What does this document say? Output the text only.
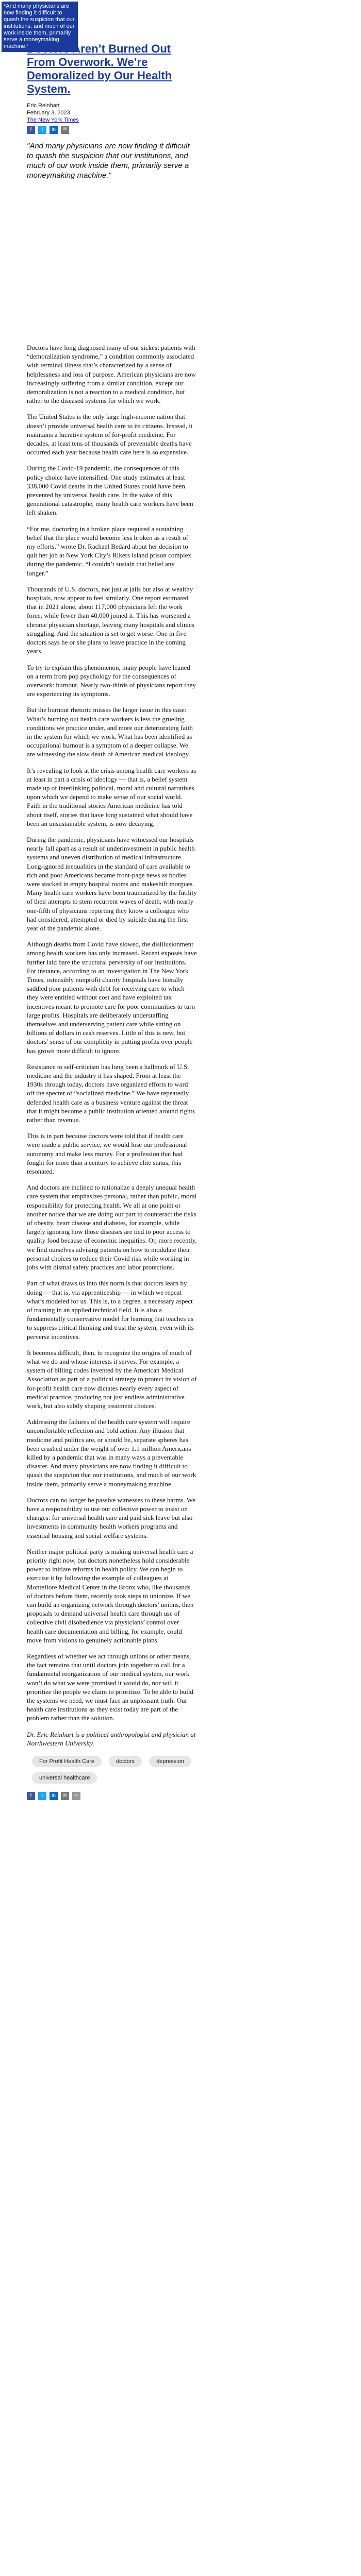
*And many physicians are now finding it difficult to quash the suspicion that our institutions, and much of our work inside them, primarily serve a moneymaking machine.*
Doctors Aren’t Burned Out From Overwork. We’re Demoralized by Our Health System.
Eric Reinhart
February 3, 2023
The New York Times
f	t	in	✉
"And many physicians are now finding it difficult to quash the suspicion that our institutions, and much of our work inside them, primarily serve a moneymaking machine."

Doctors have long diagnosed many of our sickest patients with “demoralization syndrome,” a condition commonly associated with terminal illness that’s characterized by a sense of helplessness and loss of purpose. American physicians are now increasingly suffering from a similar condition, except our demoralization is not a reaction to a medical condition, but rather to the diseased systems for which we work.

The United States is the only large high-income nation that doesn’t provide universal health care to its citizens. Instead, it maintains a lucrative system of for-profit medicine. For decades, at least tens of thousands of preventable deaths have occurred each year because health care here is so expensive.

During the Covid-19 pandemic, the consequences of this policy choice have intensified. One study estimates at least 338,000 Covid deaths in the United States could have been prevented by universal health care. In the wake of this generational catastrophe, many health care workers have been left shaken.

“For me, doctoring in a broken place required a sustaining belief that the place would become less broken as a result of my efforts,” wrote Dr. Rachael Bedard about her decision to quit her job at New York City’s Rikers Island prison complex during the pandemic. “I couldn’t sustain that belief any longer.”

Thousands of U.S. doctors, not just at jails but also at wealthy hospitals, now appear to feel similarly. One report estimated that in 2021 alone, about 117,000 physicians left the work force, while fewer than 40,000 joined it. This has worsened a chronic physician shortage, leaving many hospitals and clinics struggling. And the situation is set to get worse. One in five doctors says he or she plans to leave practice in the coming years.

To try to explain this phenomenon, many people have leaned on a term from pop psychology for the consequences of overwork: burnout. Nearly two-thirds of physicians report they are experiencing its symptoms.

But the burnout rhetoric misses the larger issue in this case: What’s burning out health care workers is less the grueling conditions we practice under, and more our deteriorating faith in the system for which we work. What has been identified as occupational burnout is a symptom of a deeper collapse. We are witnessing the slow death of American medical ideology.

It’s revealing to look at the crisis among health care workers as at least in part a crisis of ideology — that is, a belief system made up of interlinking political, moral and cultural narratives upon which we depend to make sense of our social world. Faith in the traditional stories American medicine has told about itself, stories that have long sustained what should have been an unsustainable system, is now decaying.

During the pandemic, physicians have witnessed our hospitals nearly fall apart as a result of underinvestment in public health systems and uneven distribution of medical infrastructure. Long-ignored inequalities in the standard of care available to rich and poor Americans became front-page news as bodies were stacked in empty hospital rooms and makeshift morgues. Many health care workers have been traumatized by the futility of their attempts to stem recurrent waves of death, with nearly one-fifth of physicians reporting they know a colleague who had considered, attempted or died by suicide during the first year of the pandemic alone.

Although deaths from Covid have slowed, the disillusionment among health workers has only increased. Recent exposés have further laid bare the structural perversity of our institutions. For instance, according to an investigation in The New York Times, ostensibly nonprofit charity hospitals have literally saddled poor patients with debt for receiving care to which they were entitled without cost and have exploited tax incentives meant to promote care for poor communities to turn large profits. Hospitals are deliberately understaffing themselves and underserving patient care while sitting on billions of dollars in cash reserves. Little of this is new, but doctors’ sense of our complicity in putting profits over people has grown more difficult to ignore.

Resistance to self-criticism has long been a hallmark of U.S. medicine and the industry it has shaped. From at least the 1930s through today, doctors have organized efforts to ward off the specter of “socialized medicine.” We have repeatedly defended health care as a business venture against the threat that it might become a public institution oriented around rights rather than revenue.

This is in part because doctors were told that if health care were made a public service, we would lose our professional autonomy and make less money. For a profession that had fought for more than a century to achieve elite status, this resonated.

And doctors are inclined to rationalize a deeply unequal health care system that emphasizes personal, rather than public, moral responsibility for protecting health. We all at one point or another notice that we are doing our part to counteract the risks of obesity, heart disease and diabetes, for example, while largely ignoring how those diseases are tied to poor access to quality food because of economic inequities. Or, more recently, we find ourselves advising patients on how to modulate their personal choices to reduce their Covid risk while working in jobs with dismal safety practices and labor protections.

Part of what draws us into this norm is that doctors learn by doing — that is, via apprenticeship — in which we repeat what’s modeled for us. This is, to a degree, a necessary aspect of training in an applied technical field. It is also a fundamentally conservative model for learning that teaches us to suppress critical thinking and trust the system, even with its perverse incentives.

It becomes difficult, then, to recognize the origins of much of what we do and whose interests it serves. For example, a system of billing codes invented by the American Medical Association as part of a political strategy to protect its vision of for-profit health care now dictates nearly every aspect of medical practice, producing not just endless administrative work, but also subtly shaping treatment choices.

Addressing the failures of the health care system will require uncomfortable reflection and bold action. Any illusion that medicine and politics are, or should be, separate spheres has been crushed under the weight of over 1.1 million Americans killed by a pandemic that was in many ways a preventable disaster. And many physicians are now finding it difficult to quash the suspicion that our institutions, and much of our work inside them, primarily serve a moneymaking machine.

Doctors can no longer be passive witnesses to these harms. We have a responsibility to use our collective power to insist on changes: for universal health care and paid sick leave but also investments in community health workers programs and essential housing and social welfare systems.

Neither major political party is making universal health care a priority right now, but doctors nonetheless hold considerable power to initiate reforms in health policy. We can begin to exercise it by following the example of colleagues at Montefiore Medical Center in the Bronx who, like thousands of doctors before them, recently took steps to unionize. If we can build an organizing network through doctors’ unions, then proposals to demand universal health care through use of collective civil disobedience via physicians’ control over health care documentation and billing, for example, could move from visions to genuinely actionable plans.

Regardless of whether we act through unions or other means, the fact remains that until doctors join together to call for a fundamental reorganization of our medical system, our work won’t do what we were promised it would do, nor will it prioritize the people we claim to prioritize. To be able to build the systems we need, we must face an unpleasant truth: Our health care institutions as they exist today are part of the problem rather than the solution.

Dr. Eric Reinhart is a political anthropologist and physician at Northwestern University.

For Profit Health Care	doctors	depression
universal healthcare
f	t	in	✉	+
